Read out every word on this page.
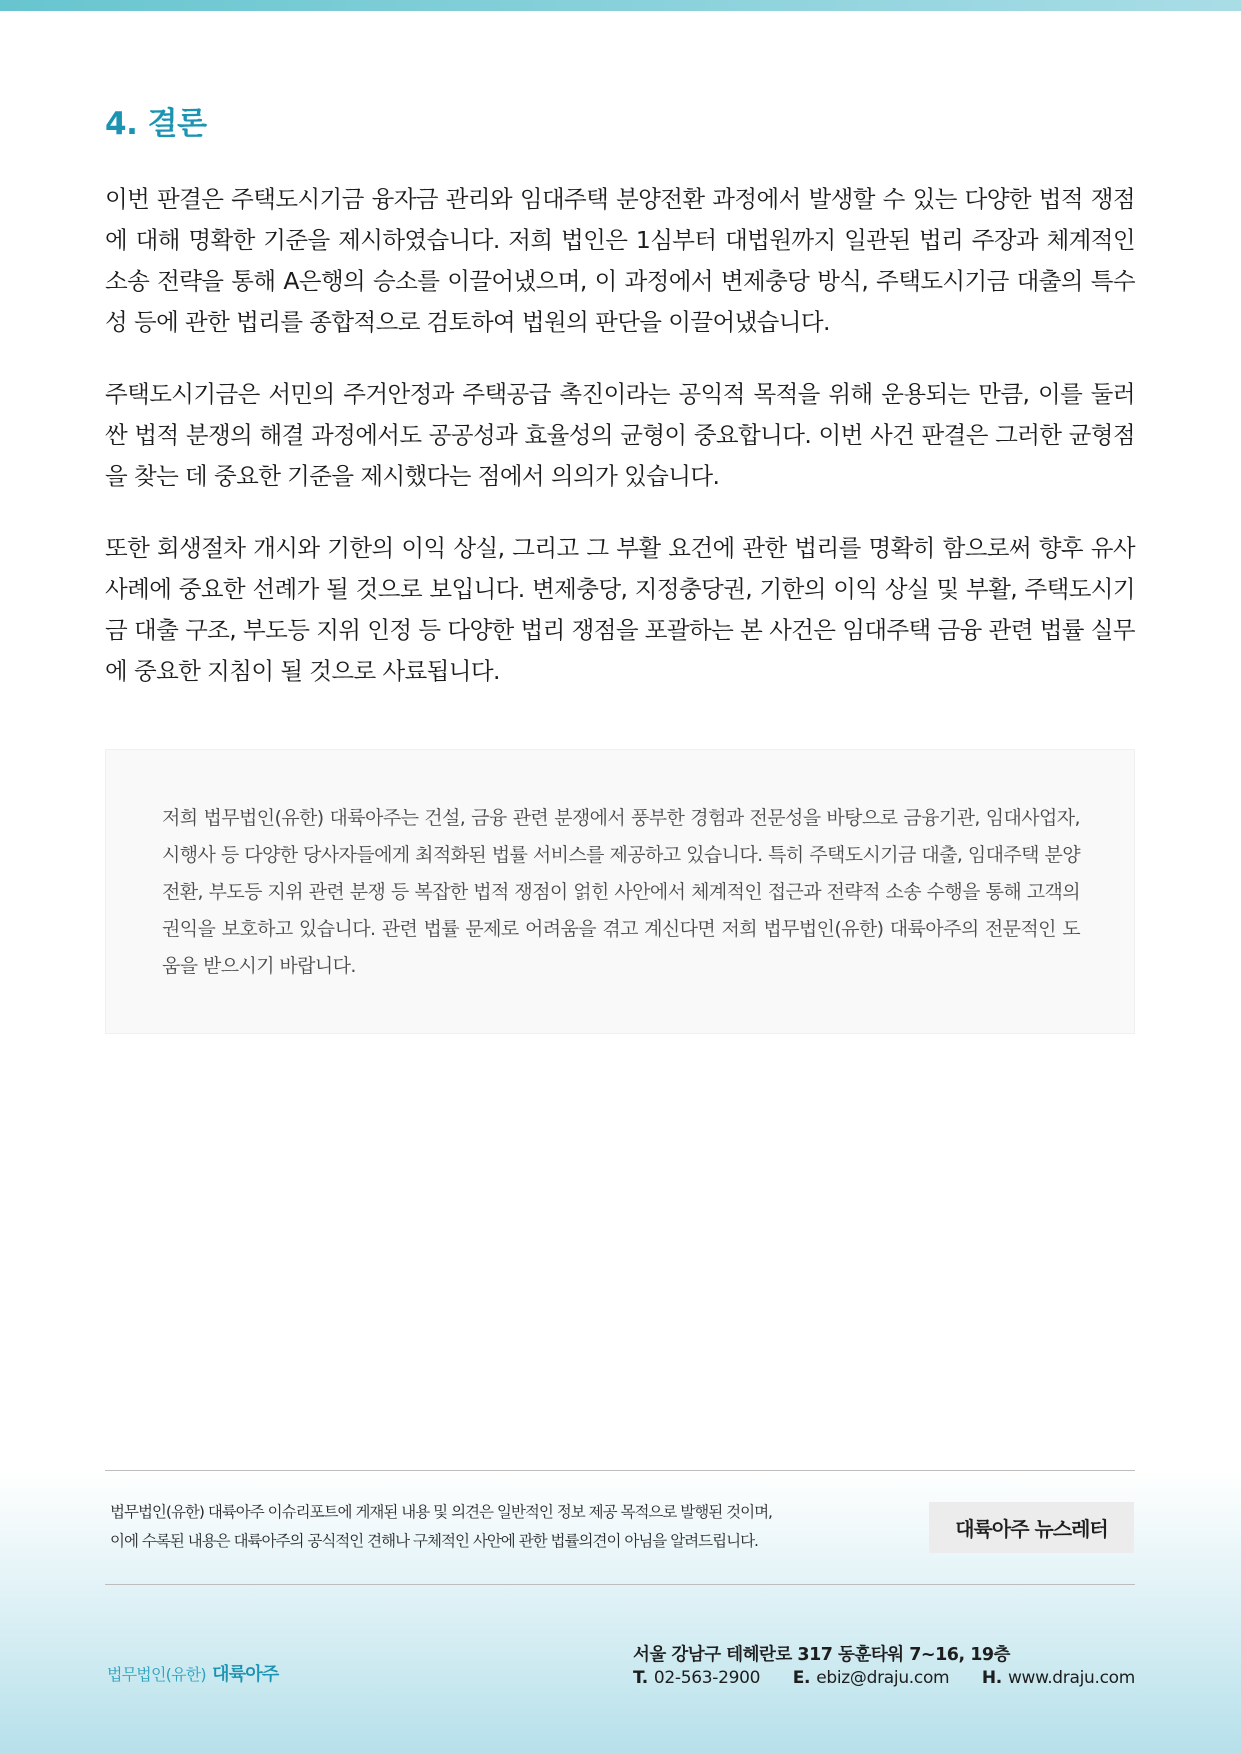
4. 결론

이번 판결은 주택도시기금 융자금 관리와 임대주택 분양전환 과정에서 발생할 수 있는 다양한 법적 쟁점에 대해 명확한 기준을 제시하였습니다. 저희 법인은 1심부터 대법원까지 일관된 법리 주장과 체계적인 소송 전략을 통해 A은행의 승소를 이끌어냈으며, 이 과정에서 변제충당 방식, 주택도시기금 대출의 특수성 등에 관한 법리를 종합적으로 검토하여 법원의 판단을 이끌어냈습니다.

주택도시기금은 서민의 주거안정과 주택공급 촉진이라는 공익적 목적을 위해 운용되는 만큼, 이를 둘러싼 법적 분쟁의 해결 과정에서도 공공성과 효율성의 균형이 중요합니다. 이번 사건 판결은 그러한 균형점을 찾는 데 중요한 기준을 제시했다는 점에서 의의가 있습니다.

또한 회생절차 개시와 기한의 이익 상실, 그리고 그 부활 요건에 관한 법리를 명확히 함으로써 향후 유사 사례에 중요한 선례가 될 것으로 보입니다. 변제충당, 지정충당권, 기한의 이익 상실 및 부활, 주택도시기금 대출 구조, 부도등 지위 인정 등 다양한 법리 쟁점을 포괄하는 본 사건은 임대주택 금융 관련 법률 실무에 중요한 지침이 될 것으로 사료됩니다.

저희 법무법인(유한) 대륙아주는 건설, 금융 관련 분쟁에서 풍부한 경험과 전문성을 바탕으로 금융기관, 임대사업자, 시행사 등 다양한 당사자들에게 최적화된 법률 서비스를 제공하고 있습니다. 특히 주택도시기금 대출, 임대주택 분양전환, 부도등 지위 관련 분쟁 등 복잡한 법적 쟁점이 얽힌 사안에서 체계적인 접근과 전략적 소송 수행을 통해 고객의 권익을 보호하고 있습니다. 관련 법률 문제로 어려움을 겪고 계신다면 저희 법무법인(유한) 대륙아주의 전문적인 도움을 받으시기 바랍니다.

법무법인(유한) 대륙아주 이슈리포트에 게재된 내용 및 의견은 일반적인 정보 제공 목적으로 발행된 것이며,
이에 수록된 내용은 대륙아주의 공식적인 견해나 구체적인 사안에 관한 법률의견이 아님을 알려드립니다.	대륙아주 뉴스레터
법무법인(유한) 대륙아주
서울 강남구 테헤란로 317 동훈타워 7~16, 19층
T. 02-563-2900 E. ebiz@draju.com H. www.draju.com
